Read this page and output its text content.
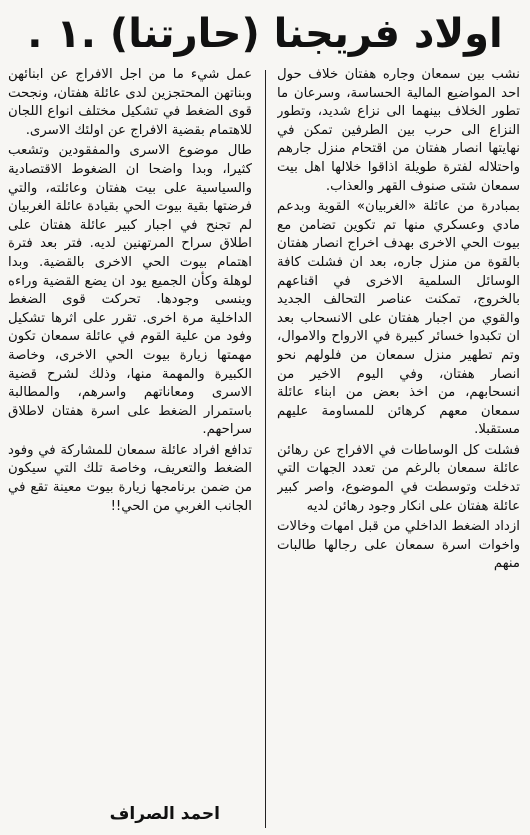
اولاد فريجنا (حارتنا) .١ .

نشب بين سمعان وجاره هفتان خلاف حول احد المواضيع المالية الحساسة، وسرعان ما تطور الخلاف بينهما الى نزاع شديد، وتطور النزاع الى حرب بين الطرفين تمكن في نهايتها انصار هفتان من اقتحام منزل جارهم واحتلاله لفترة طويلة اذاقوا خلالها اهل بيت سمعان شتى صنوف القهر والعذاب.

بمبادرة من عائلة «الغربيان» القوية وبدعم مادي وعسكري منها تم تكوين تضامن مع بيوت الحي الاخرى بهدف اخراج انصار هفتان بالقوة من منزل جاره، بعد ان فشلت كافة الوسائل السلمية الاخرى في اقناعهم بالخروج، تمكنت عناصر التحالف الجديد والقوي من اجبار هفتان على الانسحاب بعد ان تكبدوا خسائر كبيرة في الارواح والاموال، وتم تطهير منزل سمعان من فلولهم نحو انصار هفتان، وفي اليوم الاخير من انسحابهم، من اخذ بعض من ابناء عائلة سمعان معهم كرهائن للمساومة عليهم مستقبلا.

فشلت كل الوساطات في الافراج عن رهائن عائلة سمعان بالرغم من تعدد الجهات التي تدخلت وتوسطت في الموضوع، واصر كبير عائلة هفتان على انكار وجود رهائن لديه

ازداد الضغط الداخلي من قبل امهات وخالات واخوات اسرة سمعان على رجالها طالبات منهم

عمل شيء ما من اجل الافراج عن ابنائهن وبناتهن المحتجزين لدى عائلة هفتان، ونجحت قوى الضغط في تشكيل مختلف انواع اللجان للاهتمام بقضية الافراج عن اولئك الاسرى.

طال موضوع الاسرى والمفقودين وتشعب كثيرا، وبدا واضحا ان الضغوط الاقتصادية والسياسية على بيت هفتان وعائلته، والتي فرضتها بقية بيوت الحي بقيادة عائلة الغربيان لم تجنح في اجبار كبير عائلة هفتان على اطلاق سراح المرتهنين لديه. فتر بعد فترة اهتمام بيوت الحي الاخرى بالقضية. وبدا لوهلة وكأن الجميع يود ان يضع القضية وراءه وينسى وجودها. تحركت قوى الضغط الداخلية مرة اخرى. تقرر على اثرها تشكيل وفود من علية القوم في عائلة سمعان تكون مهمتها زيارة بيوت الحي الاخرى، وخاصة الكبيرة والمهمة منها، وذلك لشرح قضية الاسرى ومعاناتهم واسرهم، والمطالبة باستمرار الضغط على اسرة هفتان لاطلاق سراحهم.

تدافع افراد عائلة سمعان للمشاركة في وفود الضغط والتعريف، وخاصة تلك التي سيكون من ضمن برنامجها زيارة بيوت معينة تقع في الجانب الغربي من الحي!!

احمد الصراف
